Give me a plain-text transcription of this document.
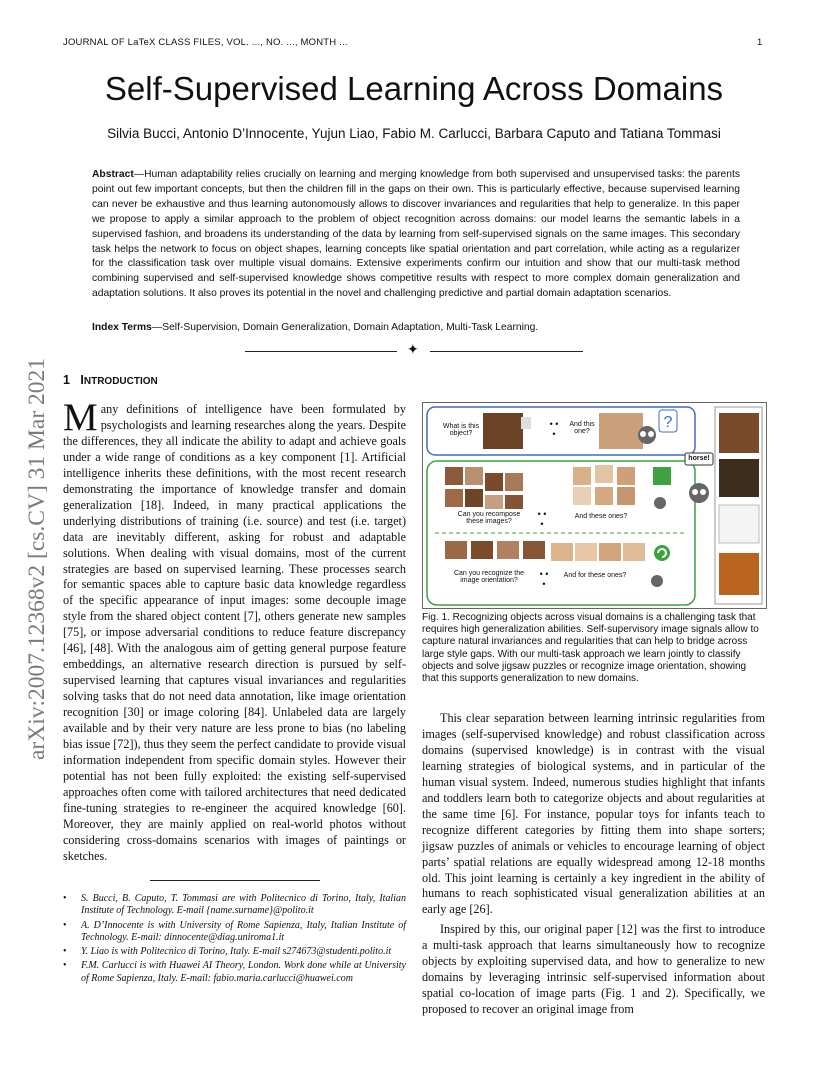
JOURNAL OF LaTeX CLASS FILES, VOL. ..., NO. ..., MONTH ...	1
Self-Supervised Learning Across Domains
Silvia Bucci, Antonio D’Innocente, Yujun Liao, Fabio M. Carlucci, Barbara Caputo and Tatiana Tommasi
Abstract—Human adaptability relies crucially on learning and merging knowledge from both supervised and unsupervised tasks: the parents point out few important concepts, but then the children fill in the gaps on their own. This is particularly effective, because supervised learning can never be exhaustive and thus learning autonomously allows to discover invariances and regularities that help to generalize. In this paper we propose to apply a similar approach to the problem of object recognition across domains: our model learns the semantic labels in a supervised fashion, and broadens its understanding of the data by learning from self-supervised signals on the same images. This secondary task helps the network to focus on object shapes, learning concepts like spatial orientation and part correlation, while acting as a regularizer for the classification task over multiple visual domains. Extensive experiments confirm our intuition and show that our multi-task method combining supervised and self-supervised knowledge shows competitive results with respect to more complex domain generalization and adaptation solutions. It also proves its potential in the novel and challenging predictive and partial domain adaptation scenarios.
Index Terms—Self-Supervision, Domain Generalization, Domain Adaptation, Multi-Task Learning.
✦
arXiv:2007.12368v2 [cs.CV] 31 Mar 2021 1 INTRODUCTION
Many definitions of intelligence have been formulated by psychologists and learning researches along the years. Despite the differences, they all indicate the ability to adapt and achieve goals under a wide range of conditions as a key component [1]. Artificial intelligence inherits these definitions, with the most recent research demonstrating the importance of knowledge transfer and domain generalization [18]. Indeed, in many practical applications the underlying distributions of training (i.e. source) and test (i.e. target) data are inevitably different, asking for robust and adaptable solutions. When dealing with visual domains, most of the current strategies are based on supervised learning. These processes search for semantic spaces able to capture basic data knowledge regardless of the specific appearance of input images: some decouple image style from the shared object content [7], others generate new samples [75], or impose adversarial conditions to reduce feature discrepancy [46], [48]. With the analogous aim of getting general purpose feature embeddings, an alternative research direction is pursued by self-supervised learning that captures visual invariances and regularities solving tasks that do not need data annotation, like image orientation recognition [30] or image coloring [84]. Unlabeled data are largely available and by their very nature are less prone to bias (no labeling bias issue [72]), thus they seem the perfect candidate to provide visual information independent from specific domain styles. However their potential has not been fully exploited: the existing self-supervised approaches often come with tailored architectures that need dedicated fine-tuning strategies to re-engineer the acquired knowledge [60]. Moreover, they are mainly applied on real-world photos without considering cross-domains scenarios with images of paintings or sketches.
?
What is this object?
• • •
And this one?
Can you recompose these images?
• • •
And these ones?
Can you recognize the image orientation?
• • •
And for these ones?
horse!
Fig. 1. Recognizing objects across visual domains is a challenging task that requires high generalization abilities. Self-supervisory image signals allow to capture natural invariances and regularities that can help to bridge across large style gaps. With our multi-task approach we learn jointly to classify objects and solve jigsaw puzzles or recognize image orientation, showing that this supports generalization to new domains.

This clear separation between learning intrinsic regularities from images (self-supervised knowledge) and robust classification across domains (supervised knowledge) is in contrast with the visual learning strategies of biological systems, and in particular of the human visual system. Indeed, numerous studies highlight that infants and toddlers learn both to categorize objects and about regularities at the same time [6]. For instance, popular toys for infants teach to recognize different categories by fitting them into shape sorters; jigsaw puzzles of animals or vehicles to encourage learning of object parts’ spatial relations are equally widespread among 12-18 months old. This joint learning is certainly a key ingredient in the ability of humans to reach sophisticated visual generalization abilities at an early age [26].

Inspired by this, our original paper [12] was the first to introduce a multi-task approach that learns simultaneously how to recognize objects by exploiting supervised data, and how to generalize to new domains by leveraging intrinsic self-supervised information about spatial co-location of image parts (Fig. 1 and 2). Specifically, we proposed to recover an original image from

• S. Bucci, B. Caputo, T. Tommasi are with Politecnico di Torino, Italy, Italian Institute of Technology. E-mail {name.surname}@polito.it
• A. D’Innocente is with University of Rome Sapienza, Italy, Italian Institute of Technology. E-mail: dinnocente@diag.uniroma1.it
• Y. Liao is with Politecnico di Torino, Italy. E-mail s274673@studenti.polito.it
• F.M. Carlucci is with Huawei AI Theory, London. Work done while at University of Rome Sapienza, Italy. E-mail: fabio.maria.carlucci@huawei.com
